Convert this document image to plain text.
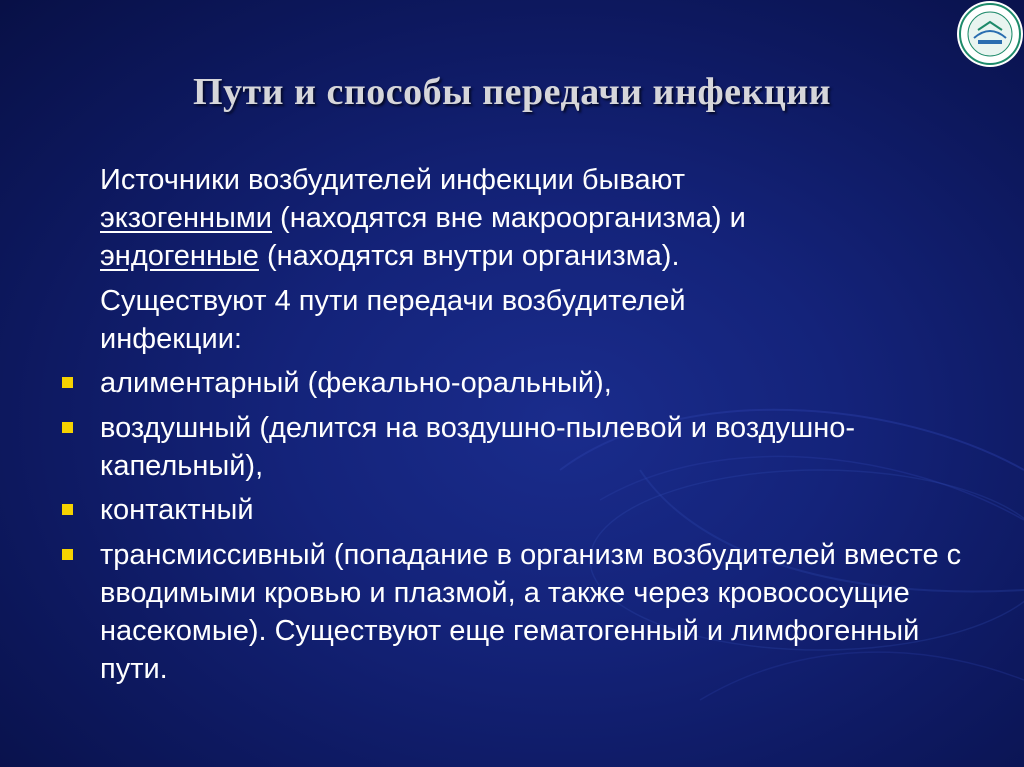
Пути и способы передачи инфекции
Источники возбудителей инфекции бывают
экзогенными (находятся вне макроорганизма) и
эндогенные (находятся внутри организма).
Существуют 4 пути передачи возбудителей инфекции:
алиментарный (фекально-оральный),
воздушный (делится на воздушно-пылевой и воздушно-капельный),
контактный
трансмиссивный (попадание в организм возбудителей вместе с вводимыми кровью и плазмой, а также через кровососущие насекомые). Существуют еще гематогенный и лимфогенный пути.
